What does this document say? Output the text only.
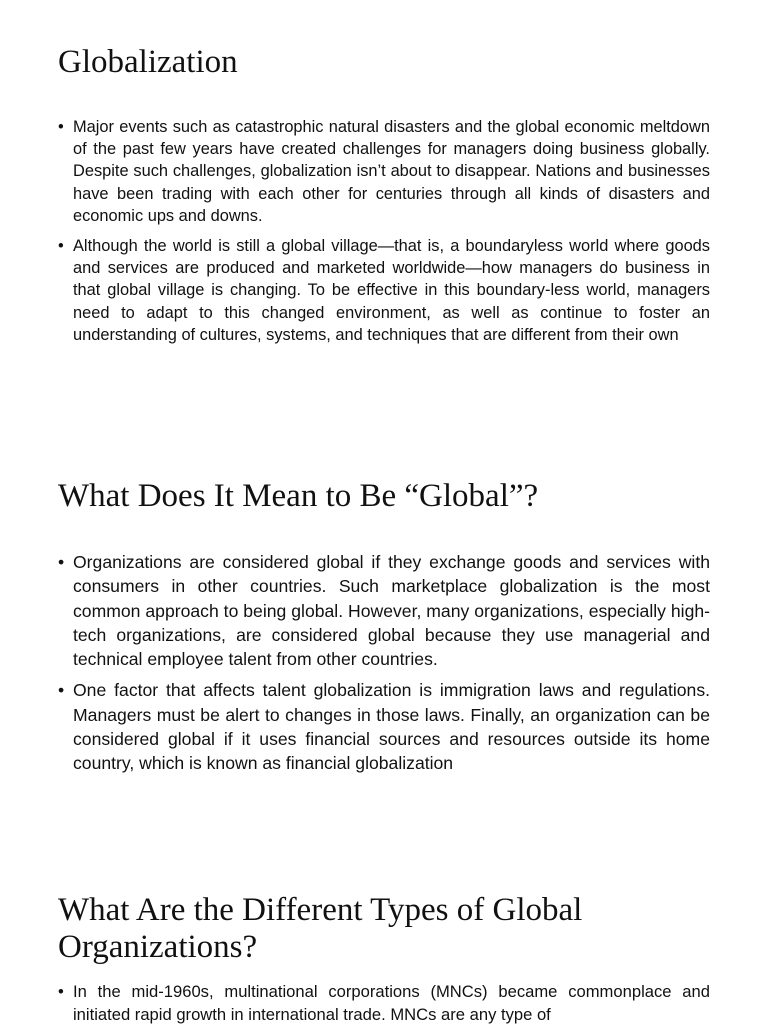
Globalization
• Major events such as catastrophic natural disasters and the global economic meltdown of the past few years have created challenges for managers doing business globally. Despite such challenges, globalization isn’t about to disappear. Nations and businesses have been trading with each other for centuries through all kinds of disasters and economic ups and downs.
• Although the world is still a global village—that is, a boundaryless world where goods and services are produced and marketed worldwide—how managers do business in that global village is changing. To be effective in this boundary-less world, managers need to adapt to this changed environment, as well as continue to foster an understanding of cultures, systems, and techniques that are different from their own
What Does It Mean to Be “Global”?
• Organizations are considered global if they exchange goods and services with consumers in other countries. Such marketplace globalization is the most common approach to being global. However, many organizations, especially high-tech organizations, are considered global because they use managerial and technical employee talent from other countries.
• One factor that affects talent globalization is immigration laws and regulations. Managers must be alert to changes in those laws. Finally, an organization can be considered global if it uses financial sources and resources outside its home country, which is known as financial globalization
What Are the Different Types of Global Organizations?
• In the mid-1960s, multinational corporations (MNCs) became commonplace and initiated rapid growth in international trade. MNCs are any type of
